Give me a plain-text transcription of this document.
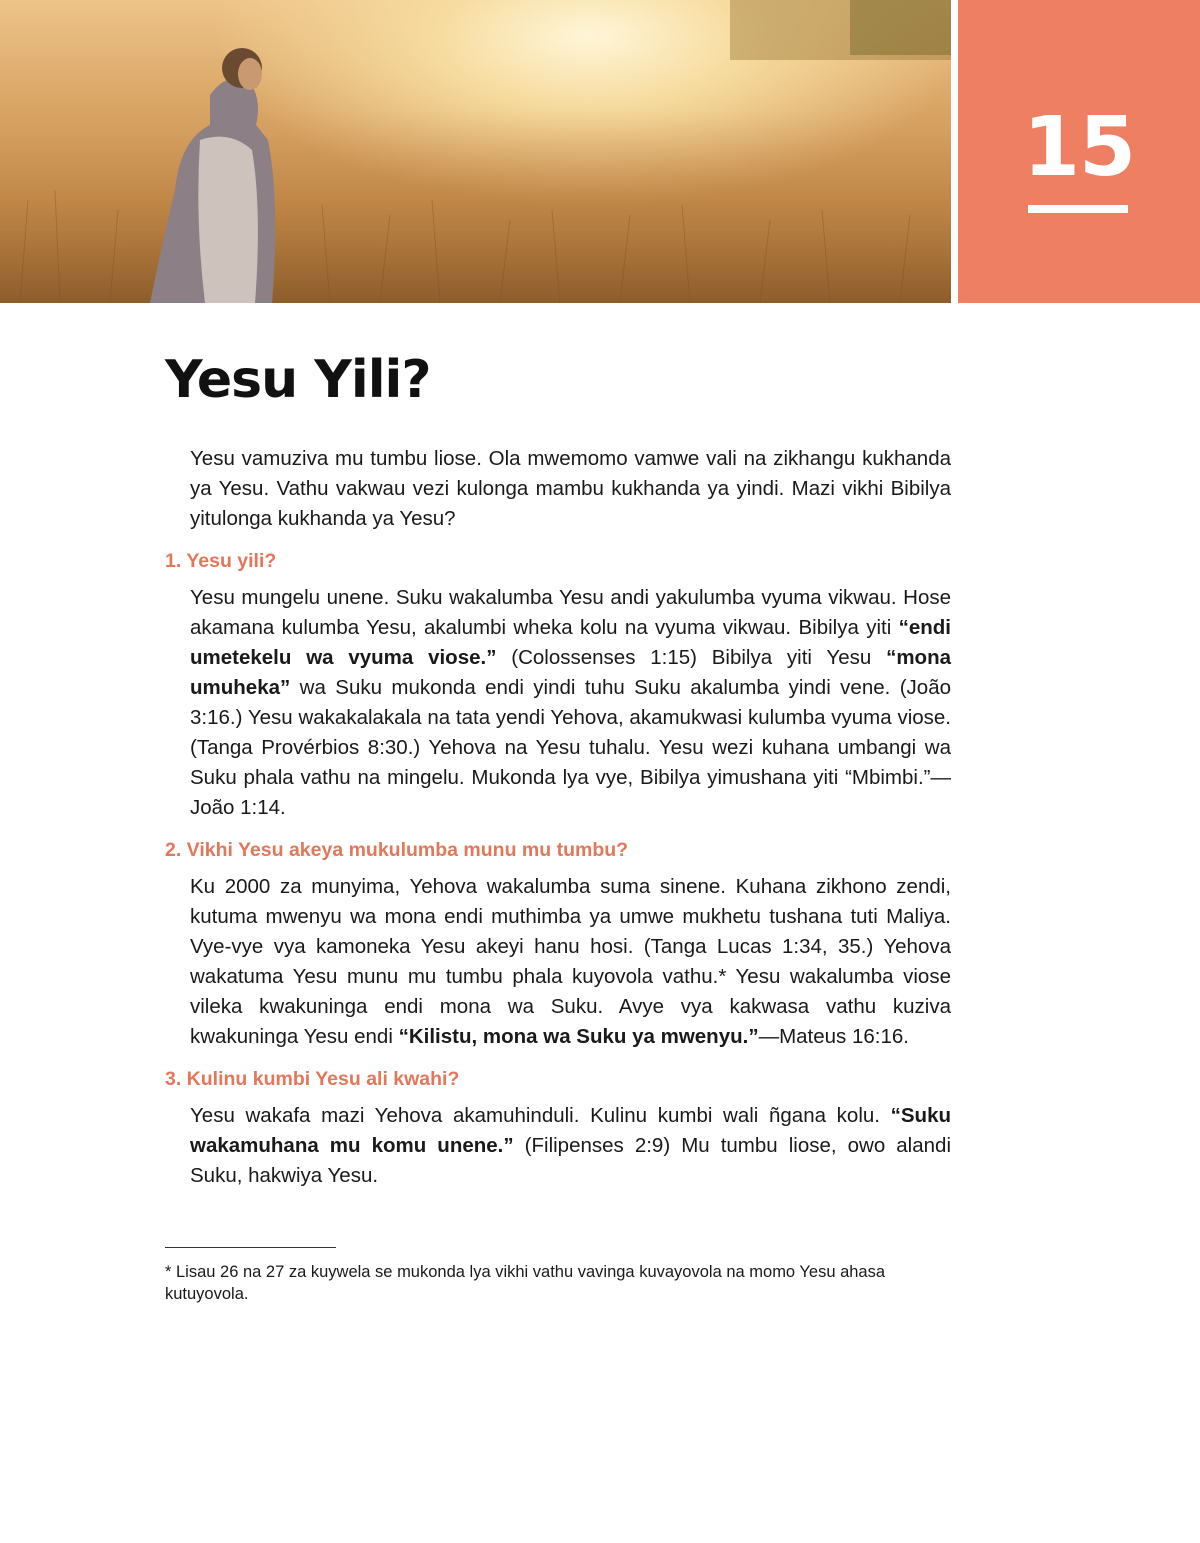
15
Yesu Yili?

Yesu vamuziva mu tumbu liose. Ola mwemomo vamwe vali na zikhangu kukhanda ya Yesu. Vathu vakwau vezi kulonga mambu kukhanda ya yindi. Mazi vikhi Bibilya yitulonga kukhanda ya Yesu?

1. Yesu yili?

Yesu mungelu unene. Suku wakalumba Yesu andi yakulumba vyuma vikwau. Hose akamana kulumba Yesu, akalumbi wheka kolu na vyuma vikwau. Bibilya yiti “endi umetekelu wa vyuma viose.” (Colossenses 1:15) Bibilya yiti Yesu “mona umuheka” wa Suku mukonda endi yindi tuhu Suku akalumba yindi vene. (João 3:16.) Yesu wakakalakala na tata yendi Yehova, akamukwasi kulumba vyuma viose. (Tanga Provérbios 8:30.) Yehova na Yesu tuhalu. Yesu wezi kuhana umbangi wa Suku phala vathu na mingelu. Mukonda lya vye, Bibilya yimushana yiti “Mbimbi.”—João 1:14.

2. Vikhi Yesu akeya mukulumba munu mu tumbu?

Ku 2000 za munyima, Yehova wakalumba suma sinene. Kuhana zikhono zendi, kutuma mwenyu wa mona endi muthimba ya umwe mukhetu tushana tuti Maliya. Vye-vye vya kamoneka Yesu akeyi hanu hosi. (Tanga Lucas 1:34, 35.) Yehova wakatuma Yesu munu mu tumbu phala kuyovola vathu.* Yesu wakalumba viose vileka kwakuninga endi mona wa Suku. Avye vya kakwasa vathu kuziva kwakuninga Yesu endi “Kilistu, mona wa Suku ya mwenyu.”—Mateus 16:16.

3. Kulinu kumbi Yesu ali kwahi?

Yesu wakafa mazi Yehova akamuhinduli. Kulinu kumbi wali ñgana kolu. “Suku wakamuhana mu komu unene.” (Filipenses 2:9) Mu tumbu liose, owo alandi Suku, hakwiya Yesu.

* Lisau 26 na 27 za kuywela se mukonda lya vikhi vathu vavinga kuvayovola na momo Yesu ahasa kutuyovola.
